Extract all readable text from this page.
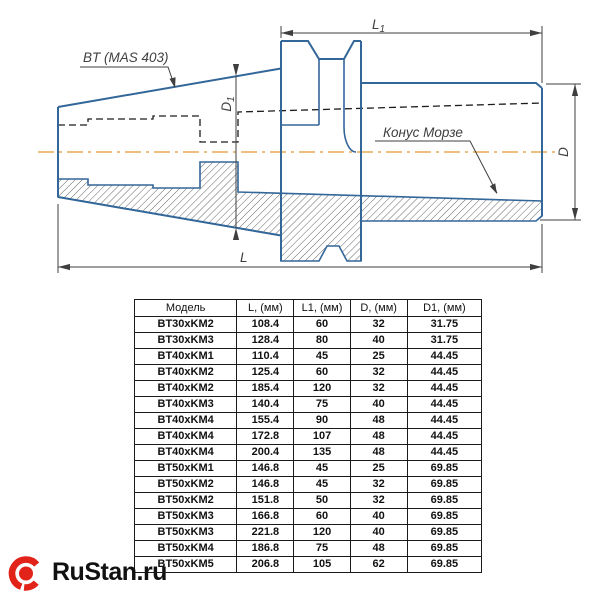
BT (MAS 403)
Конус Морзе
$L_1$
L
D
$D_1$
Модель	L, (мм)	L1, (мм)	D, (мм)	D1, (мм)
BT30xKM2	108.4	60	32	31.75
BT30xKM3	128.4	80	40	31.75
BT40xKM1	110.4	45	25	44.45
BT40xKM2	125.4	60	32	44.45
BT40xKM2	185.4	120	32	44.45
BT40xKM3	140.4	75	40	44.45
BT40xKM4	155.4	90	48	44.45
BT40xKM4	172.8	107	48	44.45
BT40xKM4	200.4	135	48	44.45
BT50xKM1	146.8	45	25	69.85
BT50xKM2	146.8	45	32	69.85
BT50xKM2	151.8	50	32	69.85
BT50xKM3	166.8	60	40	69.85
BT50xKM3	221.8	120	40	69.85
BT50xKM4	186.8	75	48	69.85
BT50xKM5	206.8	105	62	69.85
RuStan.ru
